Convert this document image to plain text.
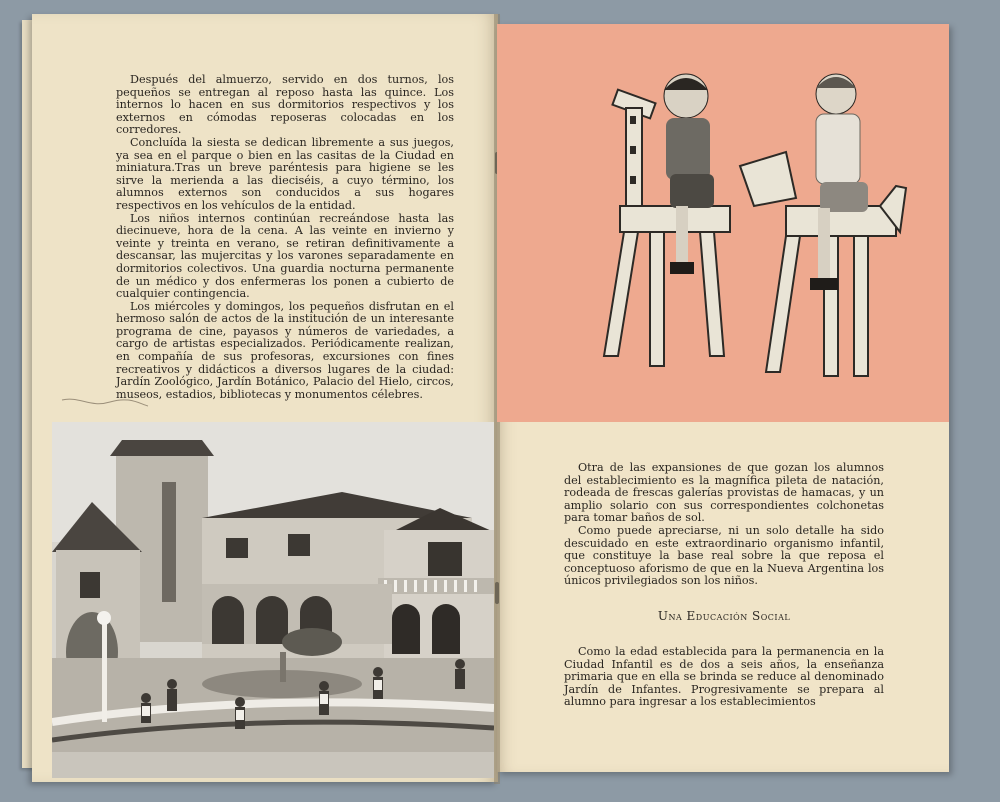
Después del almuerzo, servido en dos turnos, los pequeños se entregan al reposo hasta las quince. Los internos lo hacen en sus dormitorios respectivos y los externos en cómodas reposeras colocadas en los corredores.

Concluída la siesta se dedican libremente a sus juegos, ya sea en el parque o bien en las casitas de la Ciudad en miniatura.Tras un breve paréntesis para higiene se les sirve la merienda a las dieciséis, a cuyo término, los alumnos externos son conducidos a sus hogares respectivos en los vehículos de la entidad.

Los niños internos continúan recreándose hasta las diecinueve, hora de la cena. A las veinte en invierno y veinte y treinta en verano, se retiran definitivamente a descansar, las mujercitas y los varones separadamente en dormitorios colectivos. Una guardia nocturna permanente de un médico y dos enfermeras los ponen a cubierto de cualquier contingencia.

Los miércoles y domingos, los pequeños disfrutan en el hermoso salón de actos de la institución de un interesante programa de cine, payasos y números de variedades, a cargo de artistas especializados. Periódicamente realizan, en compañía de sus profesoras, excursiones con fines recreativos y didácticos a diversos lugares de la ciudad: Jardín Zoológico, Jardín Botánico, Palacio del Hielo, circos, museos, estadios, bibliotecas y monumentos célebres.

Otra de las expansiones de que gozan los alumnos del establecimiento es la magnífica pileta de natación, rodeada de frescas galerías provistas de hamacas, y un amplio solario con sus correspondientes colchonetas para tomar baños de sol.

Como puede apreciarse, ni un solo detalle ha sido descuidado en este extraordinario organismo infantil, que constituye la base real sobre la que reposa el conceptuoso aforismo de que en la Nueva Argentina los únicos privilegiados son los niños.

Una Educación Social

Como la edad establecida para la permanencia en la Ciudad Infantil es de dos a seis años, la enseñanza primaria que en ella se brinda se reduce al denominado Jardín de Infantes. Progresivamente se prepara al alumno para ingresar a los establecimientos
